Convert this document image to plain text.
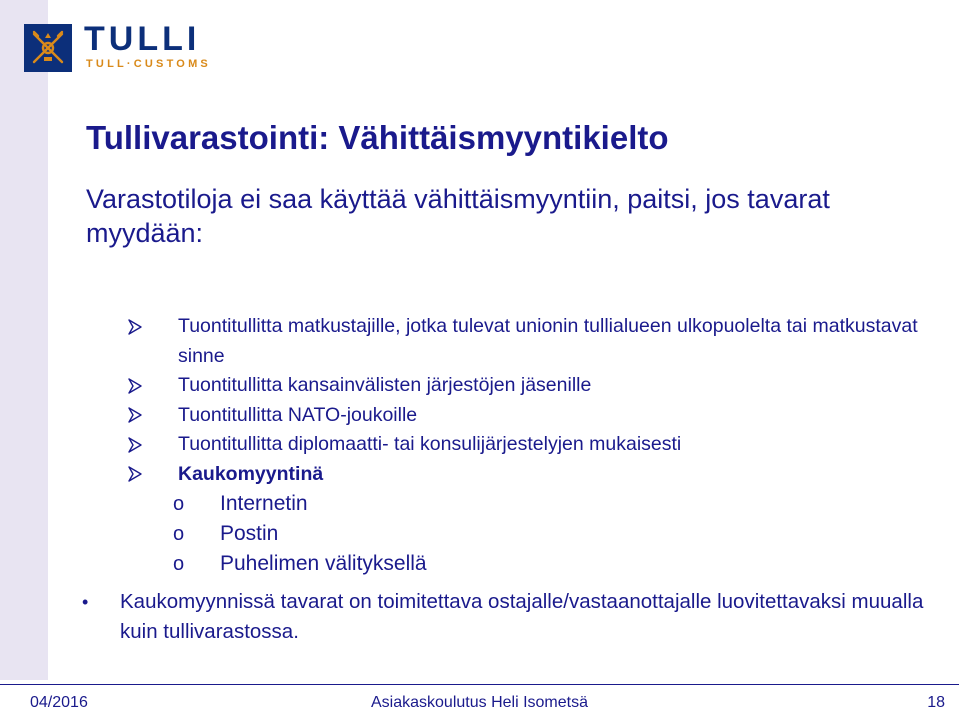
TULLI
TULL·CUSTOMS
Tullivarastointi: Vähittäismyyntikielto
Varastotiloja ei saa käyttää vähittäismyyntiin, paitsi, jos tavarat myydään:
Tuontitullitta matkustajille, jotka tulevat unionin tullialueen ulkopuolelta tai matkustavat sinne
Tuontitullitta kansainvälisten järjestöjen jäsenille
Tuontitullitta NATO-joukoille
Tuontitullitta diplomaatti- tai konsulijärjestelyjen mukaisesti
Kaukomyyntinä
o Internetin
o Postin
o Puhelimen välityksellä
• Kaukomyynnissä tavarat on toimitettava ostajalle/vastaanottajalle luovitettavaksi muualla kuin tullivarastossa.
04/2016	Asiakaskoulutus Heli Isometsä	18
